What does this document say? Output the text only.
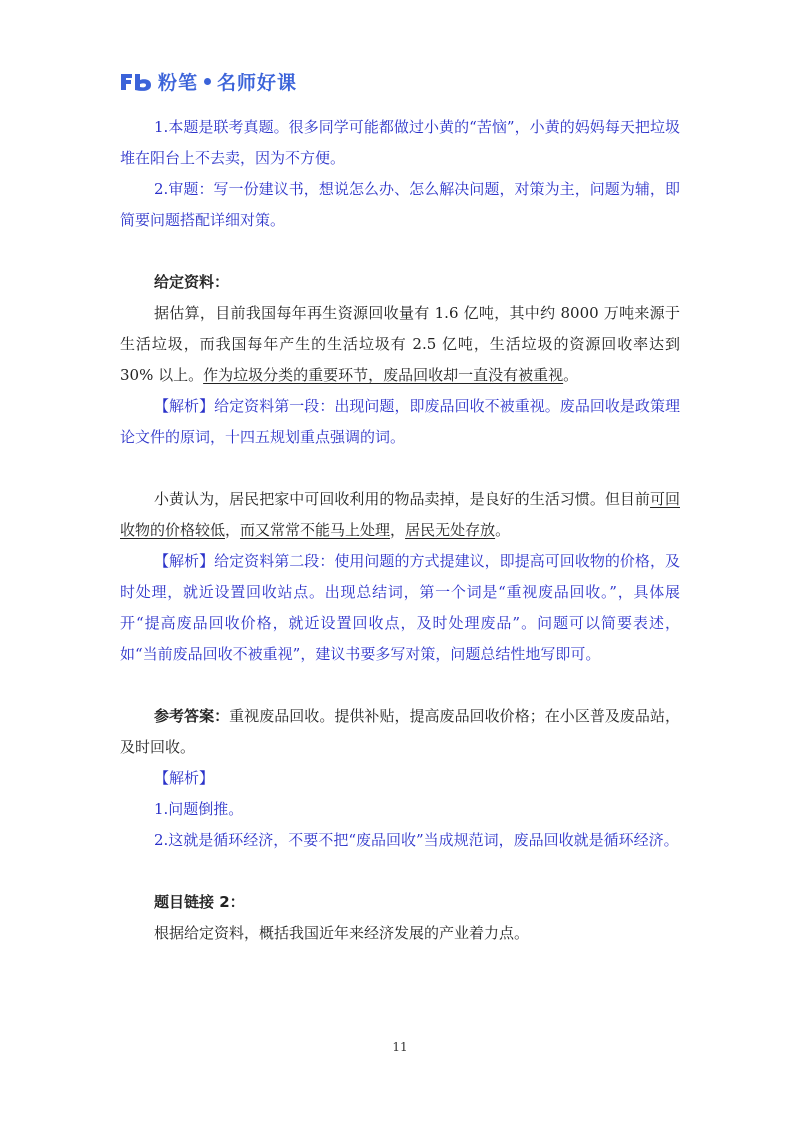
粉笔 名师好课

1.本题是联考真题。很多同学可能都做过小黄的“苦恼”，小黄的妈妈每天把垃圾堆在阳台上不去卖，因为不方便。

2.审题：写一份建议书，想说怎么办、怎么解决问题，对策为主，问题为辅，即简要问题搭配详细对策。

给定资料：

据估算，目前我国每年再生资源回收量有 1.6 亿吨，其中约 8000 万吨来源于生活垃圾，而我国每年产生的生活垃圾有 2.5 亿吨，生活垃圾的资源回收率达到 30% 以上。作为垃圾分类的重要环节，废品回收却一直没有被重视。

【解析】给定资料第一段：出现问题，即废品回收不被重视。废品回收是政策理论文件的原词，十四五规划重点强调的词。

小黄认为，居民把家中可回收利用的物品卖掉，是良好的生活习惯。但目前可回收物的价格较低，而又常常不能马上处理，居民无处存放。

【解析】给定资料第二段：使用问题的方式提建议，即提高可回收物的价格，及时处理，就近设置回收站点。出现总结词，第一个词是“重视废品回收。”，具体展开“提高废品回收价格，就近设置回收点，及时处理废品”。问题可以简要表述，如“当前废品回收不被重视”，建议书要多写对策，问题总结性地写即可。

参考答案：重视废品回收。提供补贴，提高废品回收价格；在小区普及废品站，及时回收。

【解析】

1.问题倒推。

2.这就是循环经济，不要不把“废品回收”当成规范词，废品回收就是循环经济。

题目链接 2：

根据给定资料，概括我国近年来经济发展的产业着力点。

11
